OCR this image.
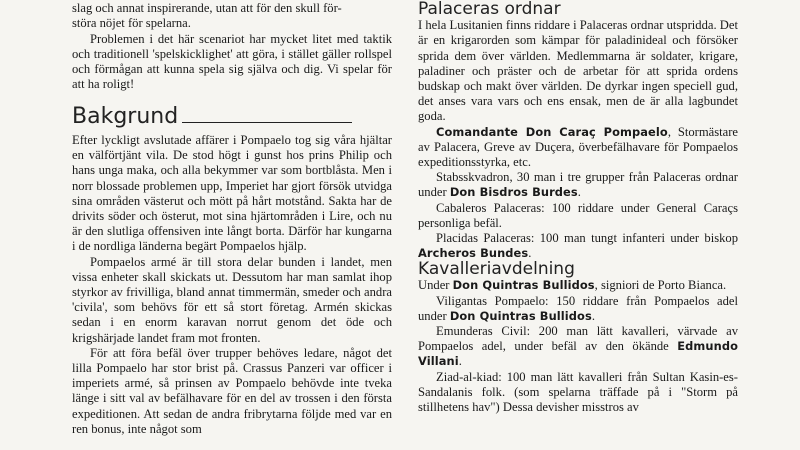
slag och annat inspirerande, utan att för den skull för-

störa nöjet för spelarna.

Problemen i det här scenariot har mycket litet med taktik och traditionell 'spelskicklighet' att göra, i stället gäller rollspel och förmågan att kunna spela sig själva och dig. Vi spelar för att ha roligt!

Bakgrund

Efter lyckligt avslutade affärer i Pompaelo tog sig våra hjältar en välförtjänt vila. De stod högt i gunst hos prins Philip och hans unga maka, och alla bekymmer var som bortblåsta. Men i norr blossade problemen upp, Imperiet har gjort försök utvidga sina områden västerut och mött på hårt motstånd. Sakta har de drivits söder och österut, mot sina hjärtområden i Lire, och nu är den slutliga offensiven inte långt borta. Därför har kungarna i de nordliga länderna begärt Pompaelos hjälp.

Pompaelos armé är till stora delar bunden i landet, men vissa enheter skall skickats ut. Dessutom har man samlat ihop styrkor av frivilliga, bland annat timmermän, smeder och andra 'civila', som behövs för ett så stort företag. Armén skickas sedan i en enorm karavan norrut genom det öde och krigshärjade landet fram mot fronten.

För att föra befäl över trupper behöves ledare, något det lilla Pompaelo har stor brist på. Crassus Panzeri var officer i imperiets armé, så prinsen av Pompaelo behövde inte tveka länge i sitt val av befälhavare för en del av trossen i den första expeditionen. Att sedan de andra fribrytarna följde med var en ren bonus, inte något som

Palaceras ordnar

I hela Lusitanien finns riddare i Palaceras ordnar utspridda. Det är en krigarorden som kämpar för paladinideal och försöker sprida dem över världen. Medlemmarna är soldater, krigare, paladiner och präster och de arbetar för att sprida ordens budskap och makt över världen. De dyrkar ingen speciell gud, det anses vara vars och ens ensak, men de är alla lagbundet goda.

Comandante Don Caraç Pompaelo, Stormästare av Palacera, Greve av Duçera, överbefälhavare för Pompaelos expeditionsstyrka, etc.

Stabsskvadron, 30 man i tre grupper från Palaceras ordnar under Don Bisdros Burdes.

Cabaleros Palaceras: 100 riddare under General Caraçs personliga befäl.

Placidas Palaceras: 100 man tungt infanteri under biskop Archeros Bundes.

Kavalleriavdelning

Under Don Quintras Bullidos, signiori de Porto Bianca.

Viligantas Pompaelo: 150 riddare från Pompaelos adel under Don Quintras Bullidos.

Emunderas Civil: 200 man lätt kavalleri, värvade av Pompaelos adel, under befäl av den ökände Edmundo Villani.

Ziad-al-kiad: 100 man lätt kavalleri från Sultan Kasin-es-Sandalanis folk. (som spelarna träffade på i "Storm på stillhetens hav") Dessa devisher misstros av
